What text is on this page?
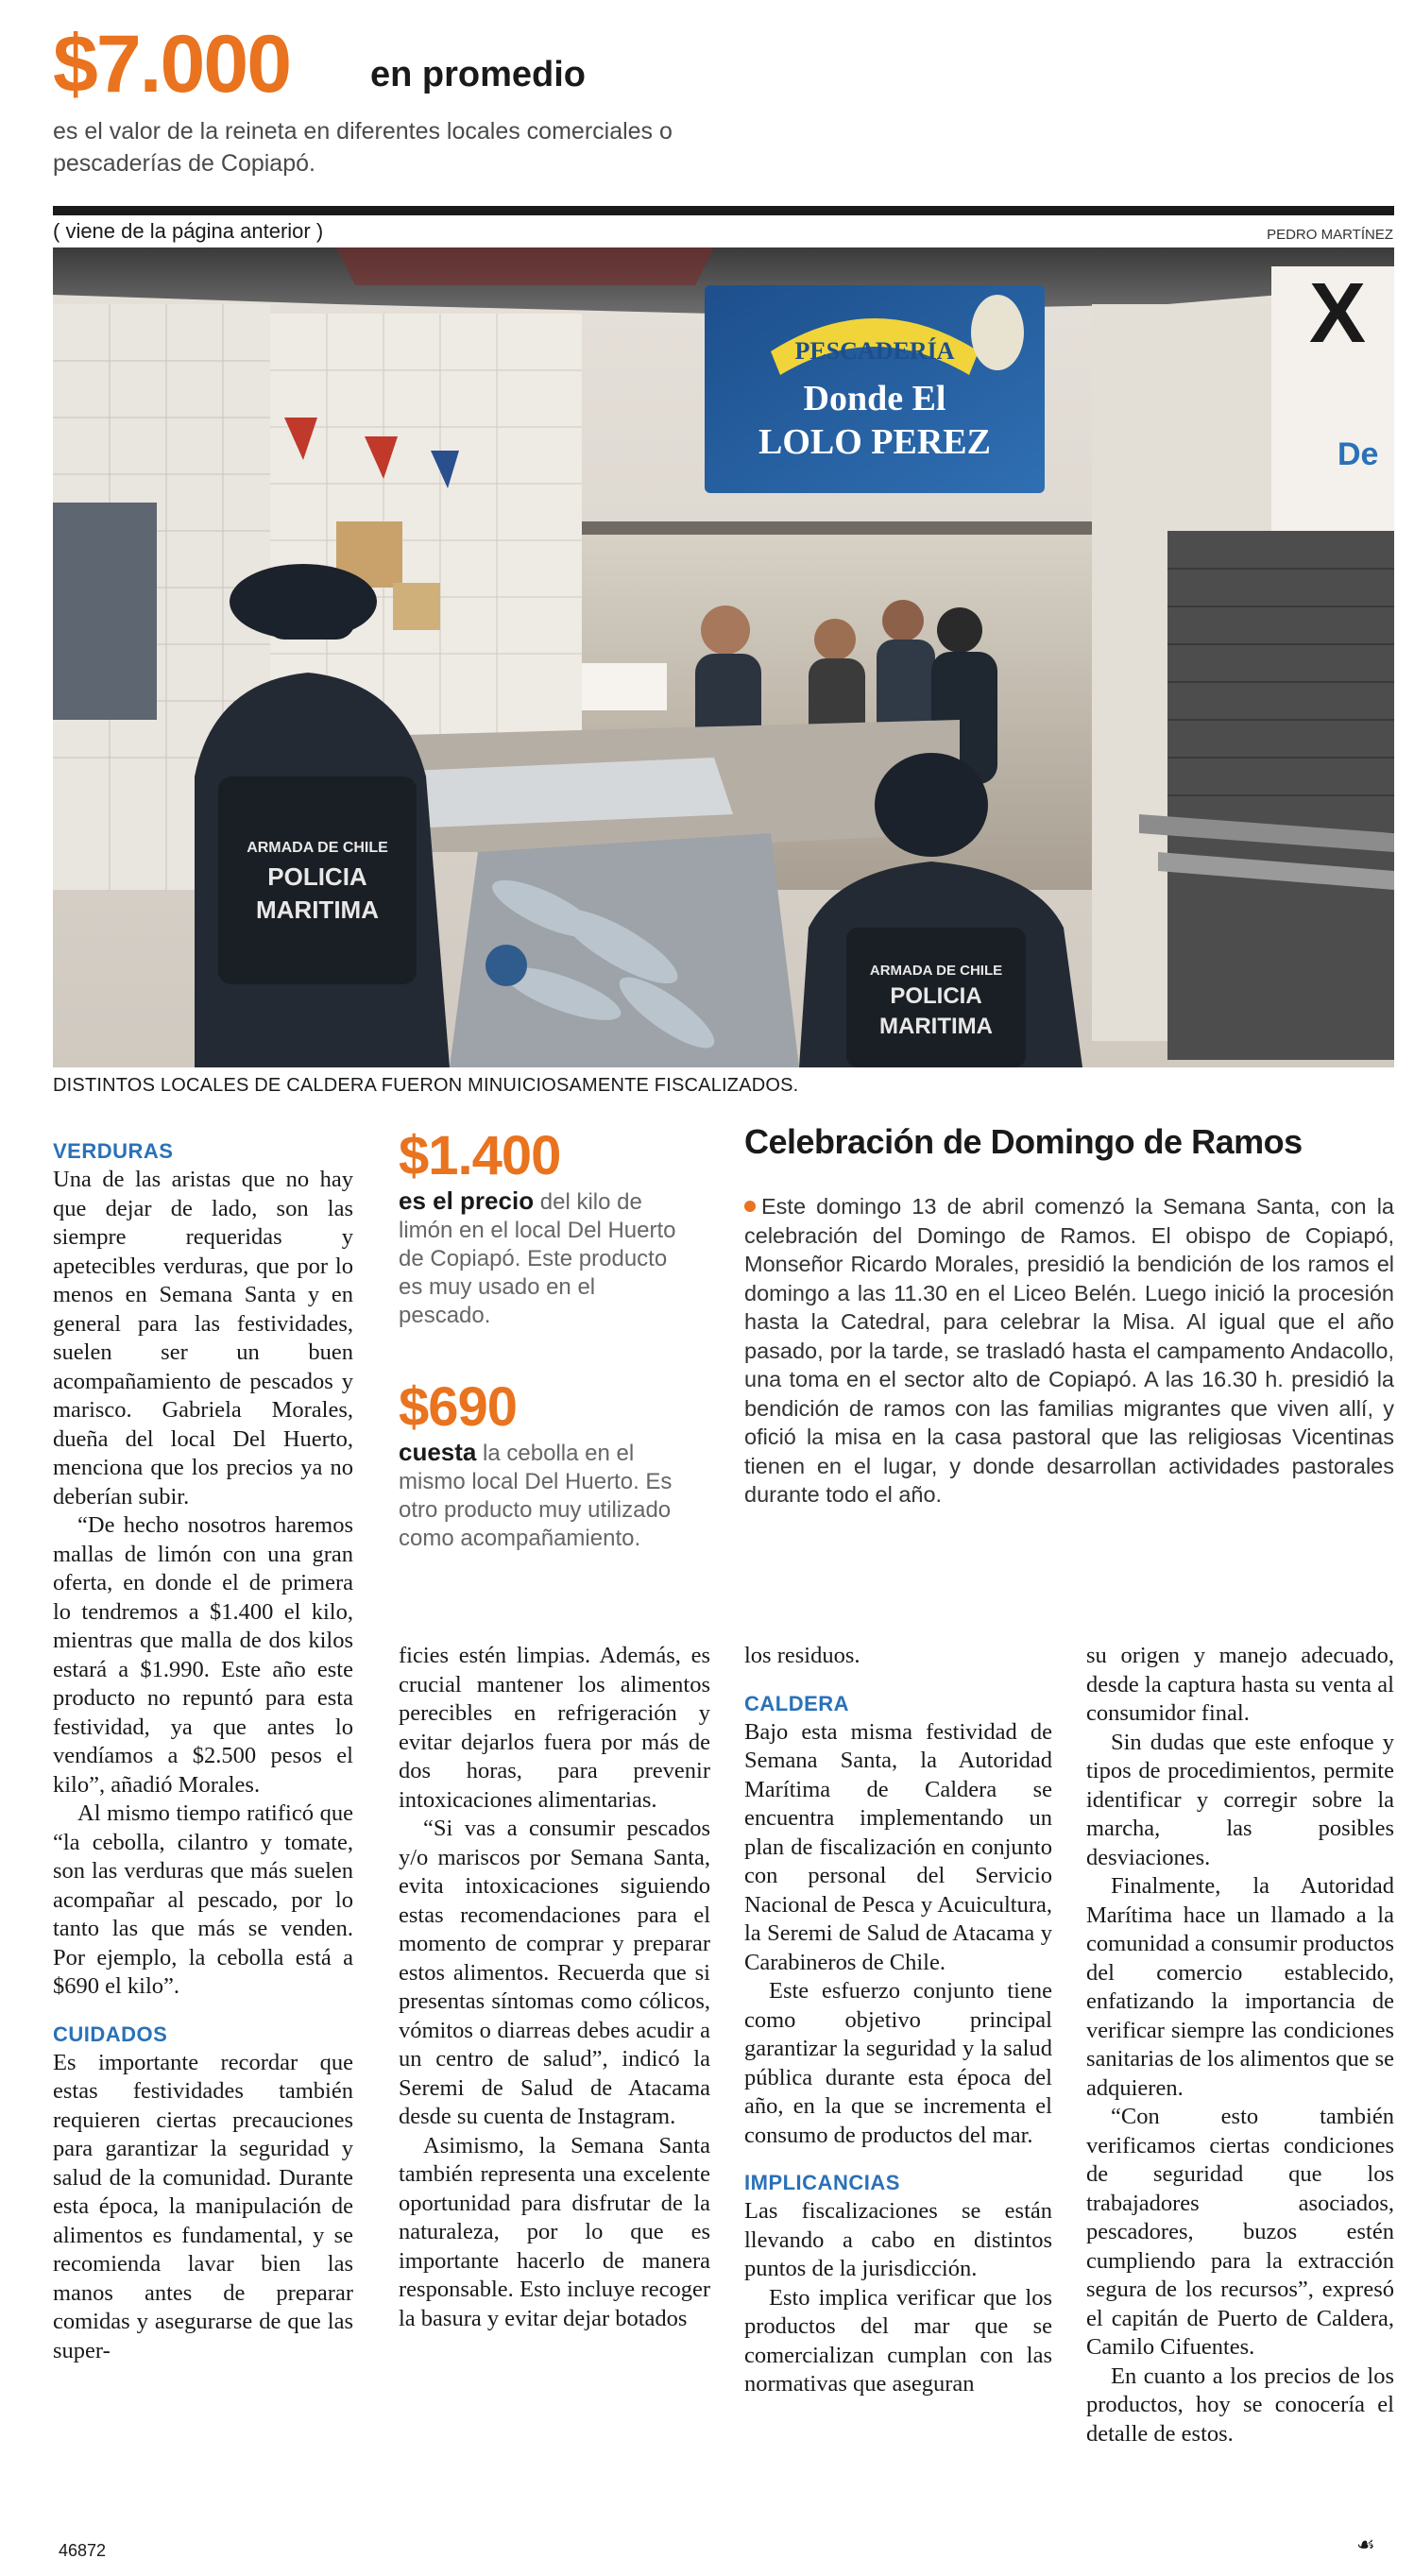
$7.000 en promedio
es el valor de la reineta en diferentes locales comerciales o pescaderías de Copiapó.
( viene de la página anterior )	PEDRO MARTÍNEZ
PESCADERÍA
Donde El
LOLO PEREZ
X
De
ARMADA DE CHILE
POLICIA
MARITIMA
ARMADA DE CHILE
POLICIA
MARITIMA
DISTINTOS LOCALES DE CALDERA FUERON MINUICIOSAMENTE FISCALIZADOS.
VERDURAS

Una de las aristas que no hay que dejar de lado, son las siempre requeridas y apetecibles verduras, que por lo menos en Semana Santa y en general para las festividades, suelen ser un buen acompañamiento de pescados y marisco. Gabriela Morales, dueña del local Del Huerto, menciona que los precios ya no deberían subir.

“De hecho nosotros haremos mallas de limón con una gran oferta, en donde el de primera lo tendremos a $1.400 el kilo, mientras que malla de dos kilos estará a $1.990. Este año este producto no repuntó para esta festividad, ya que antes lo vendíamos a $2.500 pesos el kilo”, añadió Morales.

Al mismo tiempo ratificó que “la cebolla, cilantro y tomate, son las verduras que más suelen acompañar al pescado, por lo tanto las que más se venden. Por ejemplo, la cebolla está a $690 el kilo”.

CUIDADOS

Es importante recordar que estas festividades también requieren ciertas precauciones para garantizar la seguridad y salud de la comunidad. Durante esta época, la manipulación de alimentos es fundamental, y se recomienda lavar bien las manos antes de preparar comidas y asegurarse de que las super-

$1.400
es el precio del kilo de limón en el local Del Huerto de Copiapó. Este producto es muy usado en el pescado.
$690
cuesta la cebolla en el mismo local Del Huerto. Es otro producto muy utilizado como acompañamiento.

ficies estén limpias. Además, es crucial mantener los alimentos perecibles en refrigeración y evitar dejarlos fuera por más de dos horas, para prevenir intoxicaciones alimentarias.

“Si vas a consumir pescados y/o mariscos por Semana Santa, evita intoxicaciones siguiendo estas recomendaciones para el momento de comprar y preparar estos alimentos. Recuerda que si presentas síntomas como cólicos, vómitos o diarreas debes acudir a un centro de salud”, indicó la Seremi de Salud de Atacama desde su cuenta de Instagram.

Asimismo, la Semana Santa también representa una excelente oportunidad para disfrutar de la naturaleza, por lo que es importante hacerlo de manera responsable. Esto incluye recoger la basura y evitar dejar botados

Celebración de Domingo de Ramos
Este domingo 13 de abril comenzó la Semana Santa, con la celebración del Domingo de Ramos. El obispo de Copiapó, Monseñor Ricardo Morales, presidió la bendición de los ramos el domingo a las 11.30 en el Liceo Belén. Luego inició la procesión hasta la Catedral, para celebrar la Misa. Al igual que el año pasado, por la tarde, se trasladó hasta el campamento Andacollo, una toma en el sector alto de Copiapó. A las 16.30 h. presidió la bendición de ramos con las familias migrantes que viven allí, y ofició la misa en la casa pastoral que las religiosas Vicentinas tienen en el lugar, y donde desarrollan actividades pastorales durante todo el año.

los residuos.

CALDERA

Bajo esta misma festividad de Semana Santa, la Autoridad Marítima de Caldera se encuentra implementando un plan de fiscalización en conjunto con personal del Servicio Nacional de Pesca y Acuicultura, la Seremi de Salud de Atacama y Carabineros de Chile.

Este esfuerzo conjunto tiene como objetivo principal garantizar la seguridad y la salud pública durante esta época del año, en la que se incrementa el consumo de productos del mar.

IMPLICANCIAS

Las fiscalizaciones se están llevando a cabo en distintos puntos de la jurisdicción.

Esto implica verificar que los productos del mar que se comercializan cumplan con las normativas que aseguran

su origen y manejo adecuado, desde la captura hasta su venta al consumidor final.

Sin dudas que este enfoque y tipos de procedimientos, permite identificar y corregir sobre la marcha, las posibles desviaciones.

Finalmente, la Autoridad Marítima hace un llamado a la comunidad a consumir productos del comercio establecido, enfatizando la importancia de verificar siempre las condiciones sanitarias de los alimentos que se adquieren.

“Con esto también verificamos ciertas condiciones de seguridad que los trabajadores asociados, pescadores, buzos estén cumpliendo para la extracción segura de los recursos”, expresó el capitán de Puerto de Caldera, Camilo Cifuentes.

En cuanto a los precios de los productos, hoy se conocería el detalle de estos.

46872	☙
